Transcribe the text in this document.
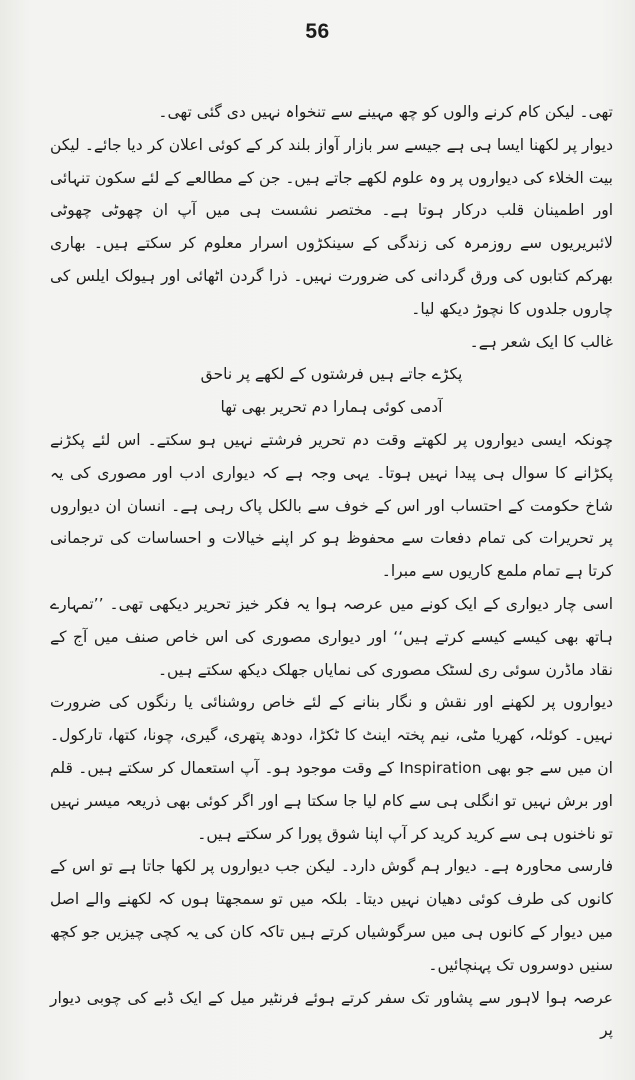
56

تھی۔ لیکن کام کرنے والوں کو چھ مہینے سے تنخواہ نہیں دی گئی تھی۔

دیوار پر لکھنا ایسا ہی ہے جیسے سر بازار آواز بلند کر کے کوئی اعلان کر دیا جائے۔ لیکن بیت الخلاء کی دیواروں پر وہ علوم لکھے جاتے ہیں۔ جن کے مطالعے کے لئے سکون تنہائی اور اطمینان قلب درکار ہوتا ہے۔ مختصر نشست ہی میں آپ ان چھوٹی چھوٹی لائبریریوں سے روزمرہ کی زندگی کے سینکڑوں اسرار معلوم کر سکتے ہیں۔ بھاری بھرکم کتابوں کی ورق گردانی کی ضرورت نہیں۔ ذرا گردن اٹھائی اور ہیولک ایلس کی چاروں جلدوں کا نچوڑ دیکھ لیا۔

غالب کا ایک شعر ہے۔

پکڑے جاتے ہیں فرشتوں کے لکھے پر ناحق
آدمی کوئی ہمارا دم تحریر بھی تھا

چونکہ ایسی دیواروں پر لکھتے وقت دم تحریر فرشتے نہیں ہو سکتے۔ اس لئے پکڑنے پکڑانے کا سوال ہی پیدا نہیں ہوتا۔ یہی وجہ ہے کہ دیواری ادب اور مصوری کی یہ شاخ حکومت کے احتساب اور اس کے خوف سے بالکل پاک رہی ہے۔ انسان ان دیواروں پر تحریرات کی تمام دفعات سے محفوظ ہو کر اپنے خیالات و احساسات کی ترجمانی کرتا ہے تمام ملمع کاریوں سے مبرا۔

اسی چار دیواری کے ایک کونے میں عرصہ ہوا یہ فکر خیز تحریر دیکھی تھی۔ ’’تمہارے ہاتھ بھی کیسے کیسے کرتے ہیں‘‘ اور دیواری مصوری کی اس خاص صنف میں آج کے نقاد ماڈرن سوئی ری لسٹک مصوری کی نمایاں جھلک دیکھ سکتے ہیں۔

دیواروں پر لکھنے اور نقش و نگار بنانے کے لئے خاص روشنائی یا رنگوں کی ضرورت نہیں۔ کوئلہ، کھریا مٹی، نیم پختہ اینٹ کا ٹکڑا، دودھ پتھری، گیری، چونا، کتھا، تارکول۔ ان میں سے جو بھی Inspiration کے وقت موجود ہو۔ آپ استعمال کر سکتے ہیں۔ قلم اور برش نہیں تو انگلی ہی سے کام لیا جا سکتا ہے اور اگر کوئی بھی ذریعہ میسر نہیں تو ناخنوں ہی سے کرید کرید کر آپ اپنا شوق پورا کر سکتے ہیں۔

فارسی محاورہ ہے۔ دیوار ہم گوش دارد۔ لیکن جب دیواروں پر لکھا جاتا ہے تو اس کے کانوں کی طرف کوئی دھیان نہیں دیتا۔ بلکہ میں تو سمجھتا ہوں کہ لکھنے والے اصل میں دیوار کے کانوں ہی میں سرگوشیاں کرتے ہیں تاکہ کان کی یہ کچی چیزیں جو کچھ سنیں دوسروں تک پہنچائیں۔

عرصہ ہوا لاہور سے پشاور تک سفر کرتے ہوئے فرنٹیر میل کے ایک ڈبے کی چوبی دیوار پر
